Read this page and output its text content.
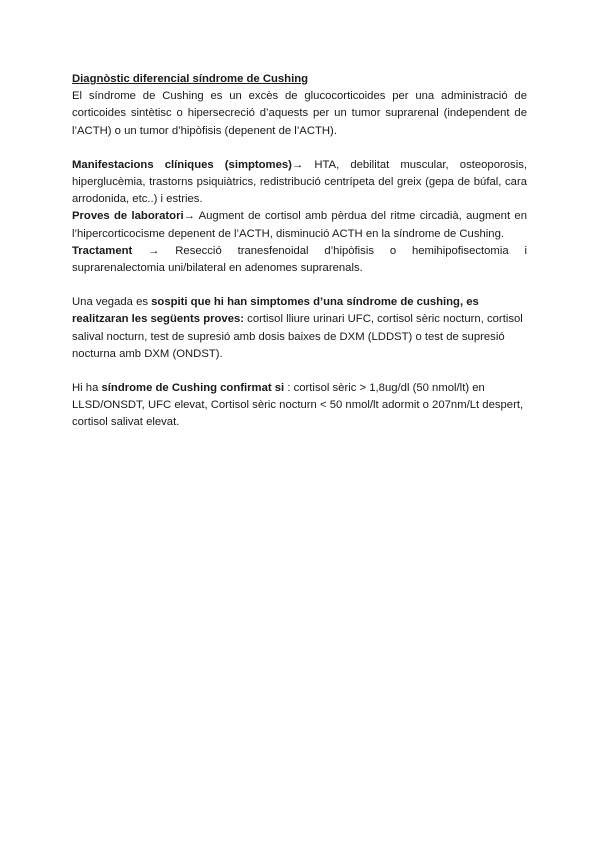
Diagnòstic diferencial síndrome de Cushing

El síndrome de Cushing es un excès de glucocorticoides per una administració de corticoides sintètisc o hipersecreció d’aquests per un tumor suprarenal (independent de l’ACTH) o un tumor d’hipòfisis (depenent de l’ACTH).

Manifestacions clíniques (simptomes)→ HTA, debilitat muscular, osteoporosis, hiperglucèmia, trastorns psiquiàtrics, redistribució centrípeta del greix (gepa de búfal, cara arrodonida, etc..) i estries.

Proves de laboratori→ Augment de cortisol amb pèrdua del ritme circadià, augment en l’hipercorticocisme depenent de l’ACTH, disminució ACTH en la síndrome de Cushing.

Tractament → Resecció tranesfenoidal d’hipòfisis o hemihipofisectomia i suprarenalectomia uni/bilateral en adenomes suprarenals.

Una vegada es sospiti que hi han simptomes d’una síndrome de cushing, es realitzaran les següents proves: cortisol lliure urinari UFC, cortisol sèric nocturn, cortisol salival nocturn, test de supresió amb dosis baixes de DXM (LDDST) o test de supresió nocturna amb DXM (ONDST).

Hi ha síndrome de Cushing confirmat si : cortisol sèric > 1,8ug/dl (50 nmol/lt) en LLSD/ONSDT, UFC elevat, Cortisol sèric nocturn < 50 nmol/lt adormit o 207nm/Lt despert, cortisol salivat elevat.
